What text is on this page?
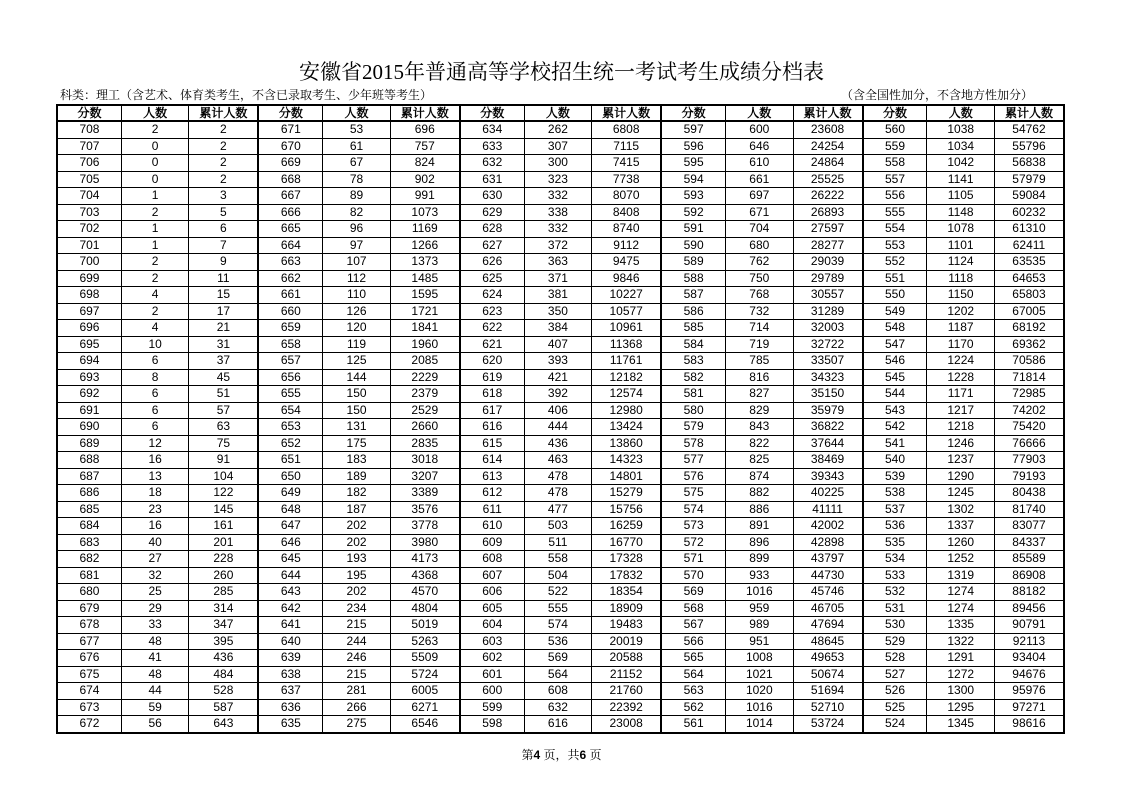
安徽省2015年普通高等学校招生统一考试考生成绩分档表
科类：理工（含艺术、体育类考生，不含已录取考生、少年班等考生）	（含全国性加分，不含地方性加分）
分数	人数	累计人数	分数	人数	累计人数	分数	人数	累计人数	分数	人数	累计人数	分数	人数	累计人数
708	2	2	671	53	696	634	262	6808	597	600	23608	560	1038	54762
707	0	2	670	61	757	633	307	7115	596	646	24254	559	1034	55796
706	0	2	669	67	824	632	300	7415	595	610	24864	558	1042	56838
705	0	2	668	78	902	631	323	7738	594	661	25525	557	1141	57979
704	1	3	667	89	991	630	332	8070	593	697	26222	556	1105	59084
703	2	5	666	82	1073	629	338	8408	592	671	26893	555	1148	60232
702	1	6	665	96	1169	628	332	8740	591	704	27597	554	1078	61310
701	1	7	664	97	1266	627	372	9112	590	680	28277	553	1101	62411
700	2	9	663	107	1373	626	363	9475	589	762	29039	552	1124	63535
699	2	11	662	112	1485	625	371	9846	588	750	29789	551	1118	64653
698	4	15	661	110	1595	624	381	10227	587	768	30557	550	1150	65803
697	2	17	660	126	1721	623	350	10577	586	732	31289	549	1202	67005
696	4	21	659	120	1841	622	384	10961	585	714	32003	548	1187	68192
695	10	31	658	119	1960	621	407	11368	584	719	32722	547	1170	69362
694	6	37	657	125	2085	620	393	11761	583	785	33507	546	1224	70586
693	8	45	656	144	2229	619	421	12182	582	816	34323	545	1228	71814
692	6	51	655	150	2379	618	392	12574	581	827	35150	544	1171	72985
691	6	57	654	150	2529	617	406	12980	580	829	35979	543	1217	74202
690	6	63	653	131	2660	616	444	13424	579	843	36822	542	1218	75420
689	12	75	652	175	2835	615	436	13860	578	822	37644	541	1246	76666
688	16	91	651	183	3018	614	463	14323	577	825	38469	540	1237	77903
687	13	104	650	189	3207	613	478	14801	576	874	39343	539	1290	79193
686	18	122	649	182	3389	612	478	15279	575	882	40225	538	1245	80438
685	23	145	648	187	3576	611	477	15756	574	886	41111	537	1302	81740
684	16	161	647	202	3778	610	503	16259	573	891	42002	536	1337	83077
683	40	201	646	202	3980	609	511	16770	572	896	42898	535	1260	84337
682	27	228	645	193	4173	608	558	17328	571	899	43797	534	1252	85589
681	32	260	644	195	4368	607	504	17832	570	933	44730	533	1319	86908
680	25	285	643	202	4570	606	522	18354	569	1016	45746	532	1274	88182
679	29	314	642	234	4804	605	555	18909	568	959	46705	531	1274	89456
678	33	347	641	215	5019	604	574	19483	567	989	47694	530	1335	90791
677	48	395	640	244	5263	603	536	20019	566	951	48645	529	1322	92113
676	41	436	639	246	5509	602	569	20588	565	1008	49653	528	1291	93404
675	48	484	638	215	5724	601	564	21152	564	1021	50674	527	1272	94676
674	44	528	637	281	6005	600	608	21760	563	1020	51694	526	1300	95976
673	59	587	636	266	6271	599	632	22392	562	1016	52710	525	1295	97271
672	56	643	635	275	6546	598	616	23008	561	1014	53724	524	1345	98616
第4 页，共6 页
